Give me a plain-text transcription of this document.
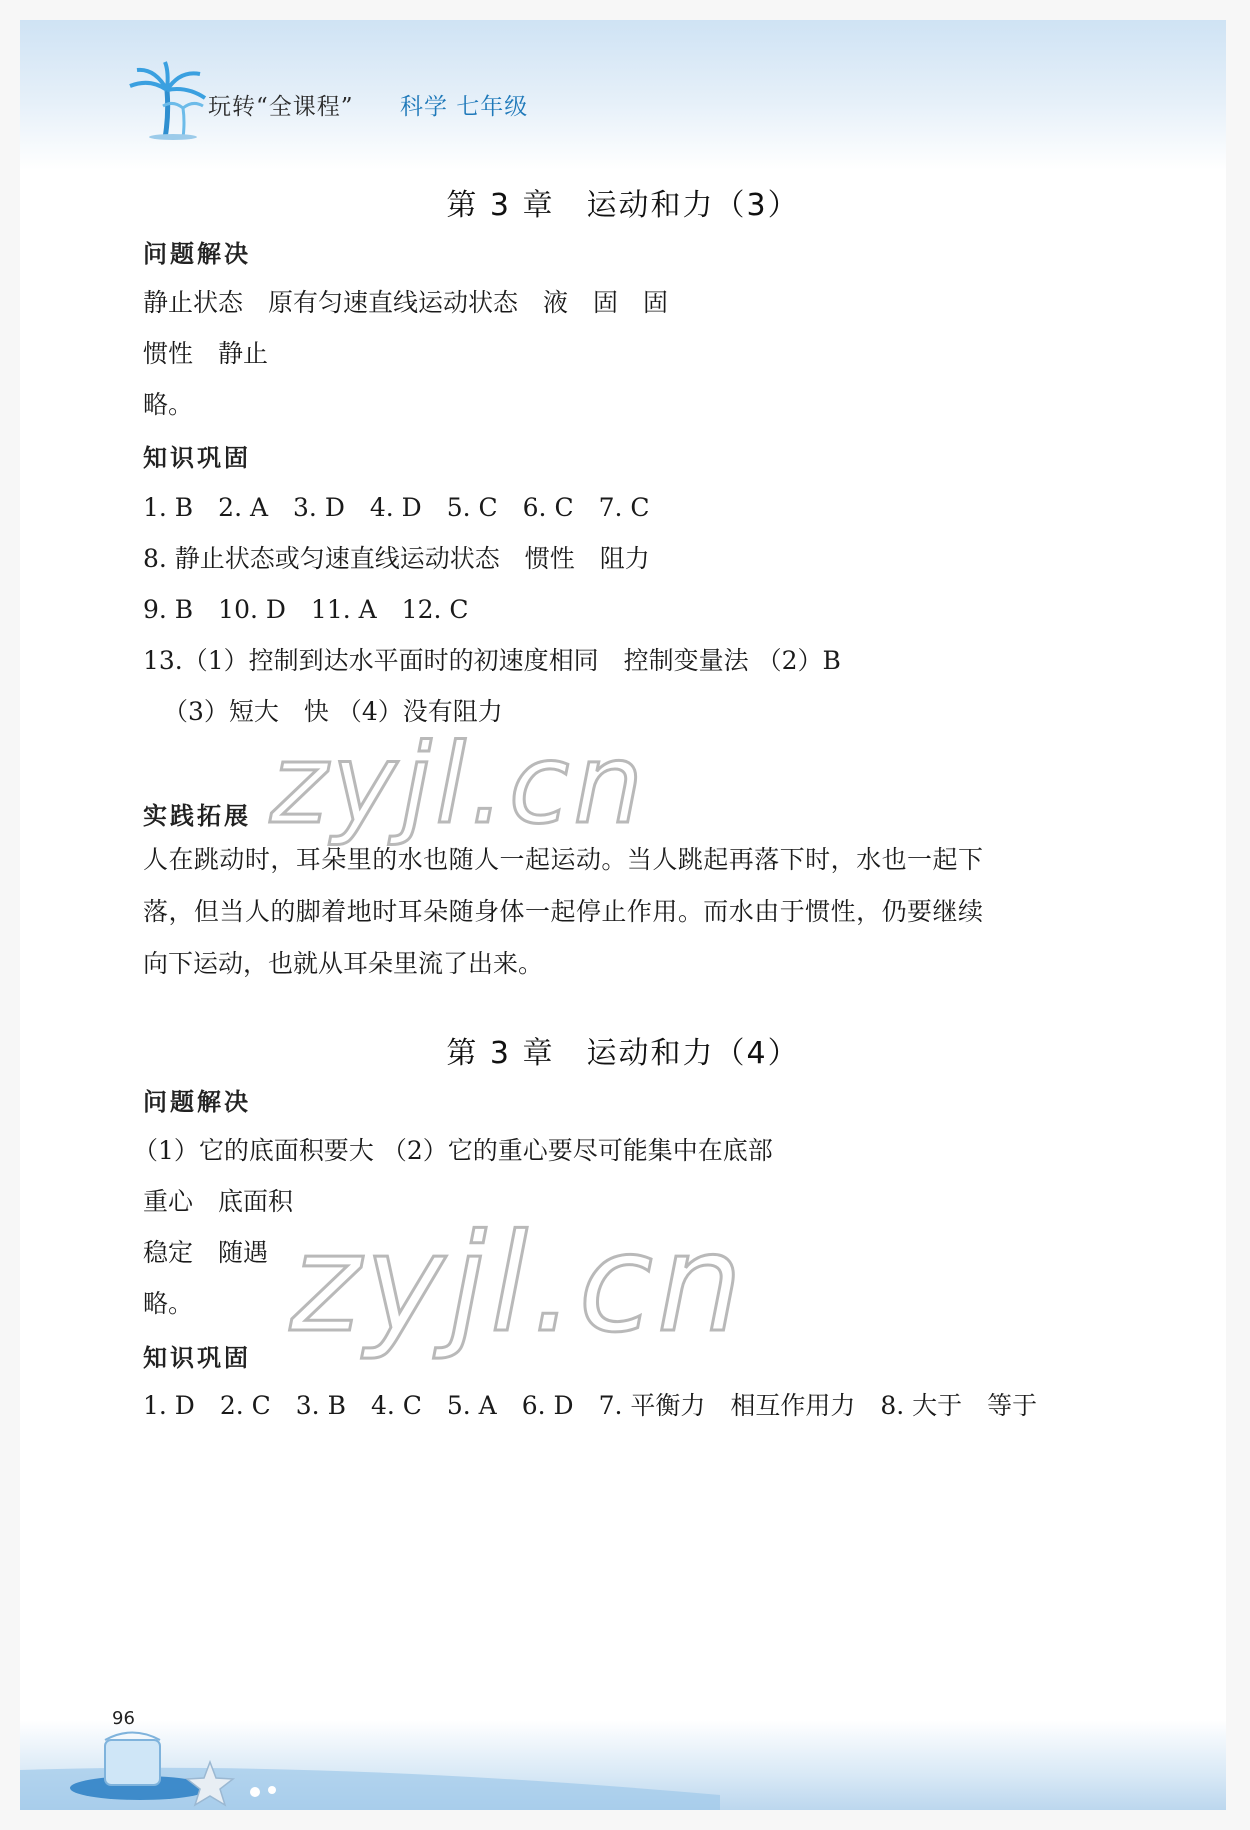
玩转“全课程” 科学 七年级
第 3 章　运动和力（3）
问题解决
静止状态　原有匀速直线运动状态　液　固　固
惯性　静止
略。
知识巩固
1. B　2. A　3. D　4. D　5. C　6. C　7. C
8. 静止状态或匀速直线运动状态　惯性　阻力
9. B　10. D　11. A　12. C
13.（1）控制到达水平面时的初速度相同　控制变量法 （2）B
（3）短大　快 （4）没有阻力
zyjl.cn
实践拓展
人在跳动时，耳朵里的水也随人一起运动。当人跳起再落下时，水也一起下落，但当人的脚着地时耳朵随身体一起停止作用。而水由于惯性，仍要继续向下运动，也就从耳朵里流了出来。
第 3 章　运动和力（4）
问题解决
（1）它的底面积要大 （2）它的重心要尽可能集中在底部
重心　底面积
稳定　随遇
略。 zyjl.cn
知识巩固
1. D　2. C　3. B　4. C　5. A　6. D　7. 平衡力　相互作用力　8. 大于　等于
96
